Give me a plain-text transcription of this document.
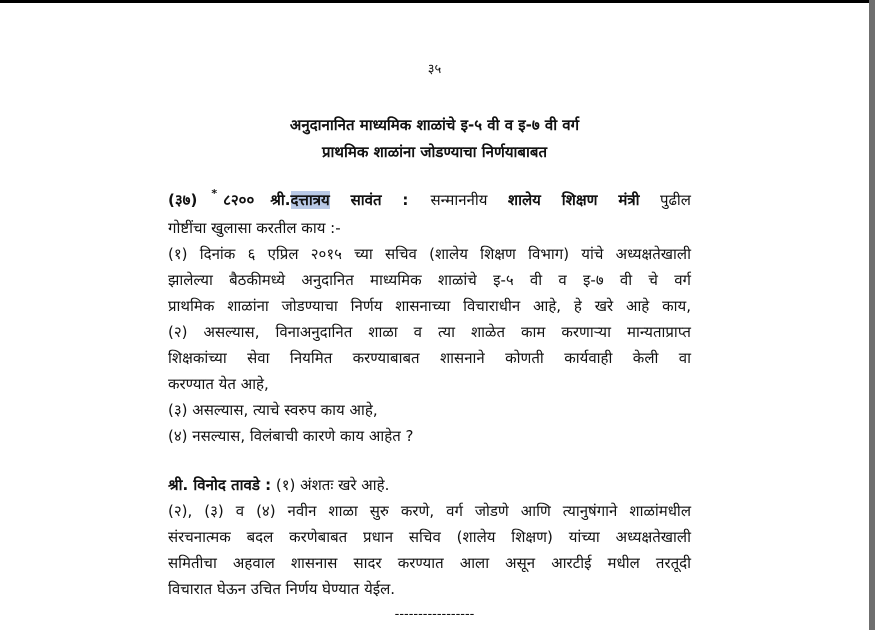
३५
अनुदानानित माध्यमिक शाळांचे इ-५ वी व इ-७ वी वर्ग
प्राथमिक शाळांना जोडण्याचा निर्णयाबाबत
(३७) * ८२०० श्री.दत्तात्रय सावंत : सन्माननीय शालेय शिक्षण मंत्री पुढील
गोष्टींचा खुलासा करतील काय :-
(१) दिनांक ६ एप्रिल २०१५ च्या सचिव (शालेय शिक्षण विभाग) यांचे अध्यक्षतेखाली
झालेल्या बैठकीमध्ये अनुदानित माध्यमिक शाळांचे इ-५ वी व इ-७ वी चे वर्ग
प्राथमिक शाळांना जोडण्याचा निर्णय शासनाच्या विचाराधीन आहे, हे खरे आहे काय,
(२) असल्यास, विनाअनुदानित शाळा व त्या शाळेत काम करणाऱ्या मान्यताप्राप्त
शिक्षकांच्या सेवा नियमित करण्याबाबत शासनाने कोणती कार्यवाही केली वा
करण्यात येत आहे,
(३) असल्यास, त्याचे स्वरुप काय आहे,
(४) नसल्यास, विलंबाची कारणे काय आहेत ?
श्री. विनोद तावडे : (१) अंशतः खरे आहे.
(२), (३) व (४) नवीन शाळा सुरु करणे, वर्ग जोडणे आणि त्यानुषंगाने शाळांमधील
संरचनात्मक बदल करणेबाबत प्रधान सचिव (शालेय शिक्षण) यांच्या अध्यक्षतेखाली
समितीचा अहवाल शासनास सादर करण्यात आला असून आरटीई मधील तरतूदी
विचारात घेऊन उचित निर्णय घेण्यात येईल.
-----------------
